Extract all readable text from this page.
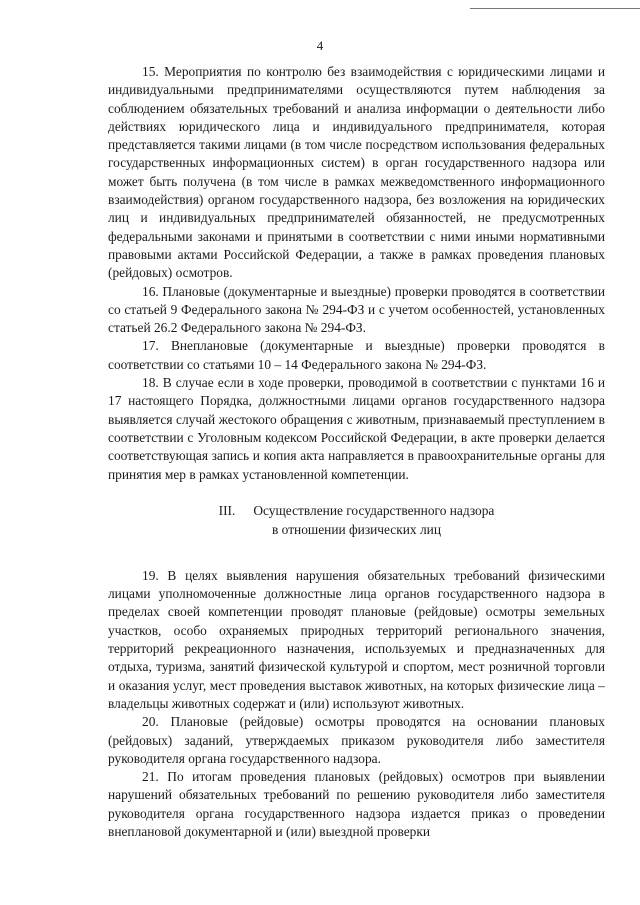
4

15. Мероприятия по контролю без взаимодействия с юридическими лицами и индивидуальными предпринимателями осуществляются путем наблюдения за соблюдением обязательных требований и анализа информации о деятельности либо действиях юридического лица и индивидуального предпринимателя, которая представляется такими лицами (в том числе посредством использования федеральных государственных информационных систем) в орган государственного надзора или может быть получена (в том числе в рамках межведомственного информационного взаимодействия) органом государственного надзора, без возложения на юридических лиц и индивидуальных предпринимателей обязанностей, не предусмотренных федеральными законами и принятыми в соответствии с ними иными нормативными правовыми актами Российской Федерации, а также в рамках проведения плановых (рейдовых) осмотров.

16. Плановые (документарные и выездные) проверки проводятся в соответствии со статьей 9 Федерального закона № 294-ФЗ и с учетом особенностей, установленных статьей 26.2 Федерального закона № 294-ФЗ.

17. Внеплановые (документарные и выездные) проверки проводятся в соответствии со статьями 10 – 14 Федерального закона № 294-ФЗ.

18. В случае если в ходе проверки, проводимой в соответствии с пунктами 16 и 17 настоящего Порядка, должностными лицами органов государственного надзора выявляется случай жестокого обращения с животным, признаваемый преступлением в соответствии с Уголовным кодексом Российской Федерации, в акте проверки делается соответствующая запись и копия акта направляется в правоохранительные органы для принятия мер в рамках установленной компетенции.

III. Осуществление государственного надзора
в отношении физических лиц

19. В целях выявления нарушения обязательных требований физическими лицами уполномоченные должностные лица органов государственного надзора в пределах своей компетенции проводят плановые (рейдовые) осмотры земельных участков, особо охраняемых природных территорий регионального значения, территорий рекреационного назначения, используемых и предназначенных для отдыха, туризма, занятий физической культурой и спортом, мест розничной торговли и оказания услуг, мест проведения выставок животных, на которых физические лица – владельцы животных содержат и (или) используют животных.

20. Плановые (рейдовые) осмотры проводятся на основании плановых (рейдовых) заданий, утверждаемых приказом руководителя либо заместителя руководителя органа государственного надзора.

21. По итогам проведения плановых (рейдовых) осмотров при выявлении нарушений обязательных требований по решению руководителя либо заместителя руководителя органа государственного надзора издается приказ о проведении внеплановой документарной и (или) выездной проверки
